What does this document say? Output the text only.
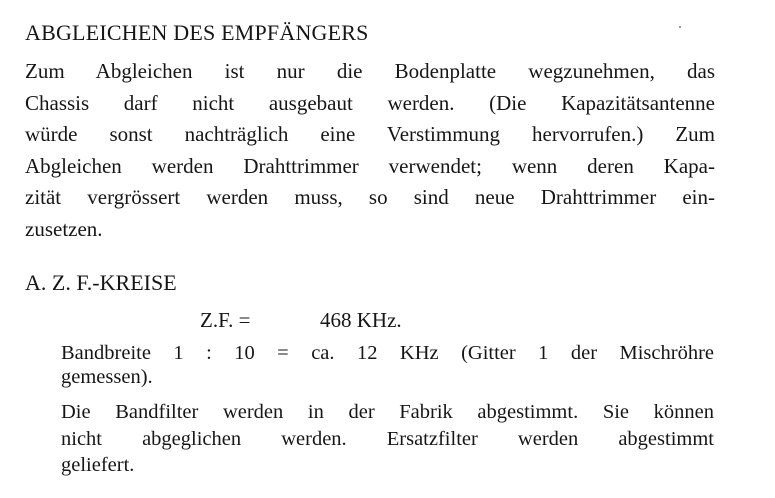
ABGLEICHEN DES EMPFÄNGERS
Zum Abgleichen ist nur die Bodenplatte wegzunehmen, das
Chassis darf nicht ausgebaut werden. (Die Kapazitätsantenne
würde sonst nachträglich eine Verstimmung hervorrufen.) Zum
Abgleichen werden Drahttrimmer verwendet; wenn deren Kapa-
zität vergrössert werden muss, so sind neue Drahttrimmer ein-
zusetzen.
A. Z. F.-KREISE
Z.F. =	468 KHz.
Bandbreite 1 : 10 = ca. 12 KHz (Gitter 1 der Mischröhre
gemessen).
Die Bandfilter werden in der Fabrik abgestimmt. Sie können
nicht abgeglichen werden. Ersatzfilter werden abgestimmt
geliefert.
